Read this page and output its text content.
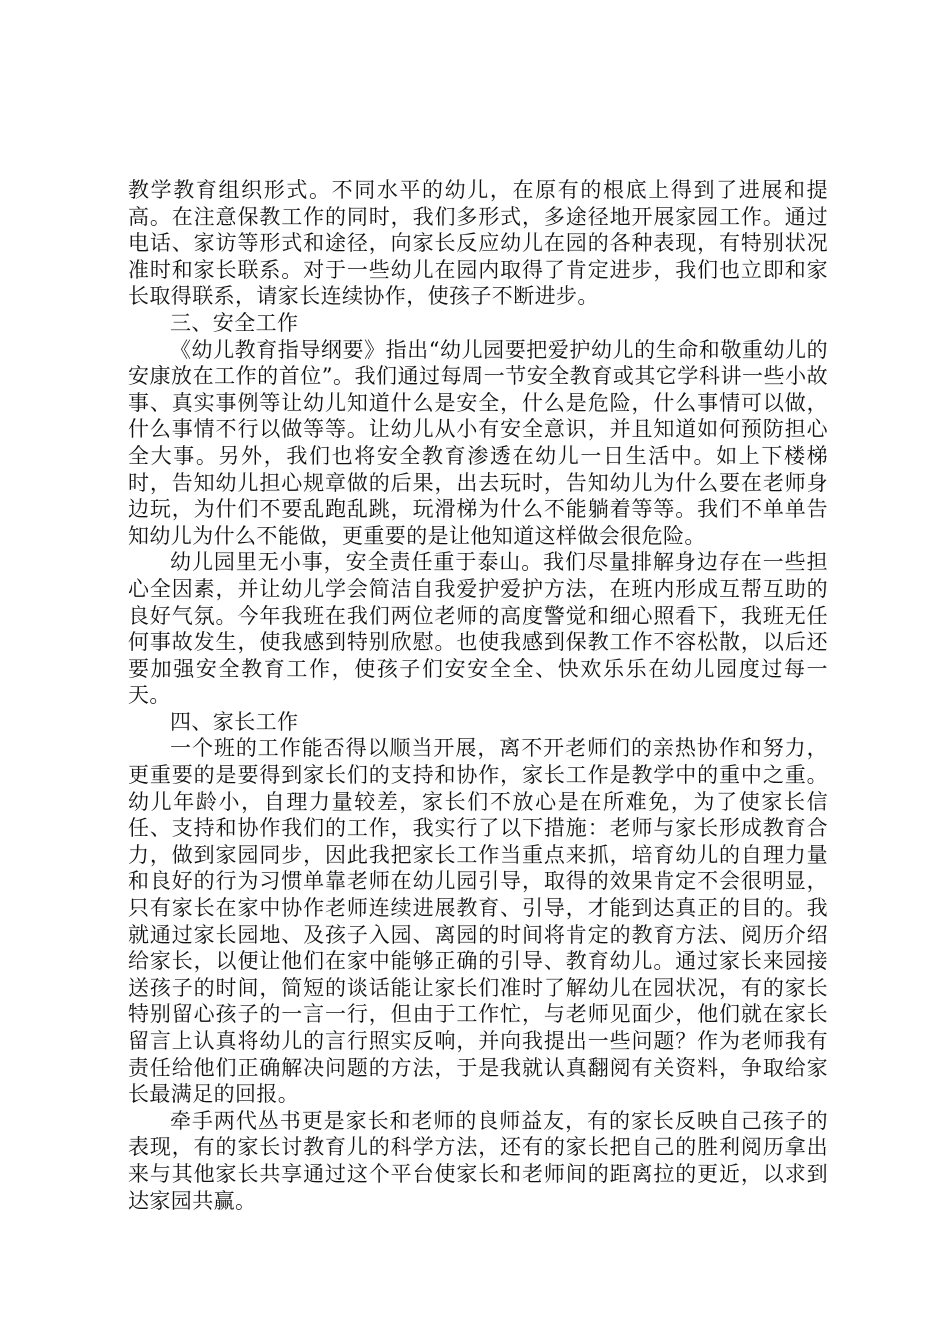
教学教育组织形式。不同水平的幼儿，在原有的根底上得到了进展和提高。在注意保教工作的同时，我们多形式，多途径地开展家园工作。通过电话、家访等形式和途径，向家长反应幼儿在园的各种表现，有特别状况准时和家长联系。对于一些幼儿在园内取得了肯定进步，我们也立即和家长取得联系，请家长连续协作，使孩子不断进步。

三、安全工作

《幼儿教育指导纲要》指出“幼儿园要把爱护幼儿的生命和敬重幼儿的安康放在工作的首位”。我们通过每周一节安全教育或其它学科讲一些小故事、真实事例等让幼儿知道什么是安全，什么是危险，什么事情可以做，什么事情不行以做等等。让幼儿从小有安全意识，并且知道如何预防担心全大事。另外，我们也将安全教育渗透在幼儿一日生活中。如上下楼梯时，告知幼儿担心规章做的后果，出去玩时，告知幼儿为什么要在老师身边玩，为什们不要乱跑乱跳，玩滑梯为什么不能躺着等等。我们不单单告知幼儿为什么不能做，更重要的是让他知道这样做会很危险。

幼儿园里无小事，安全责任重于泰山。我们尽量排解身边存在一些担心全因素，并让幼儿学会简洁自我爱护爱护方法，在班内形成互帮互助的良好气氛。今年我班在我们两位老师的高度警觉和细心照看下，我班无任何事故发生，使我感到特别欣慰。也使我感到保教工作不容松散，以后还要加强安全教育工作，使孩子们安安全全、快欢乐乐在幼儿园度过每一天。

四、家长工作

一个班的工作能否得以顺当开展，离不开老师们的亲热协作和努力，更重要的是要得到家长们的支持和协作，家长工作是教学中的重中之重。幼儿年龄小，自理力量较差，家长们不放心是在所难免，为了使家长信任、支持和协作我们的工作，我实行了以下措施：老师与家长形成教育合力，做到家园同步，因此我把家长工作当重点来抓，培育幼儿的自理力量和良好的行为习惯单靠老师在幼儿园引导，取得的效果肯定不会很明显，只有家长在家中协作老师连续进展教育、引导，才能到达真正的目的。我就通过家长园地、及孩子入园、离园的时间将肯定的教育方法、阅历介绍给家长，以便让他们在家中能够正确的引导、教育幼儿。通过家长来园接送孩子的时间，简短的谈话能让家长们准时了解幼儿在园状况，有的家长特别留心孩子的一言一行，但由于工作忙，与老师见面少，他们就在家长留言上认真将幼儿的言行照实反响，并向我提出一些问题？作为老师我有责任给他们正确解决问题的方法，于是我就认真翻阅有关资料，争取给家长最满足的回报。

牵手两代丛书更是家长和老师的良师益友，有的家长反映自己孩子的表现，有的家长讨教育儿的科学方法，还有的家长把自己的胜利阅历拿出来与其他家长共享通过这个平台使家长和老师间的距离拉的更近，以求到达家园共赢。
